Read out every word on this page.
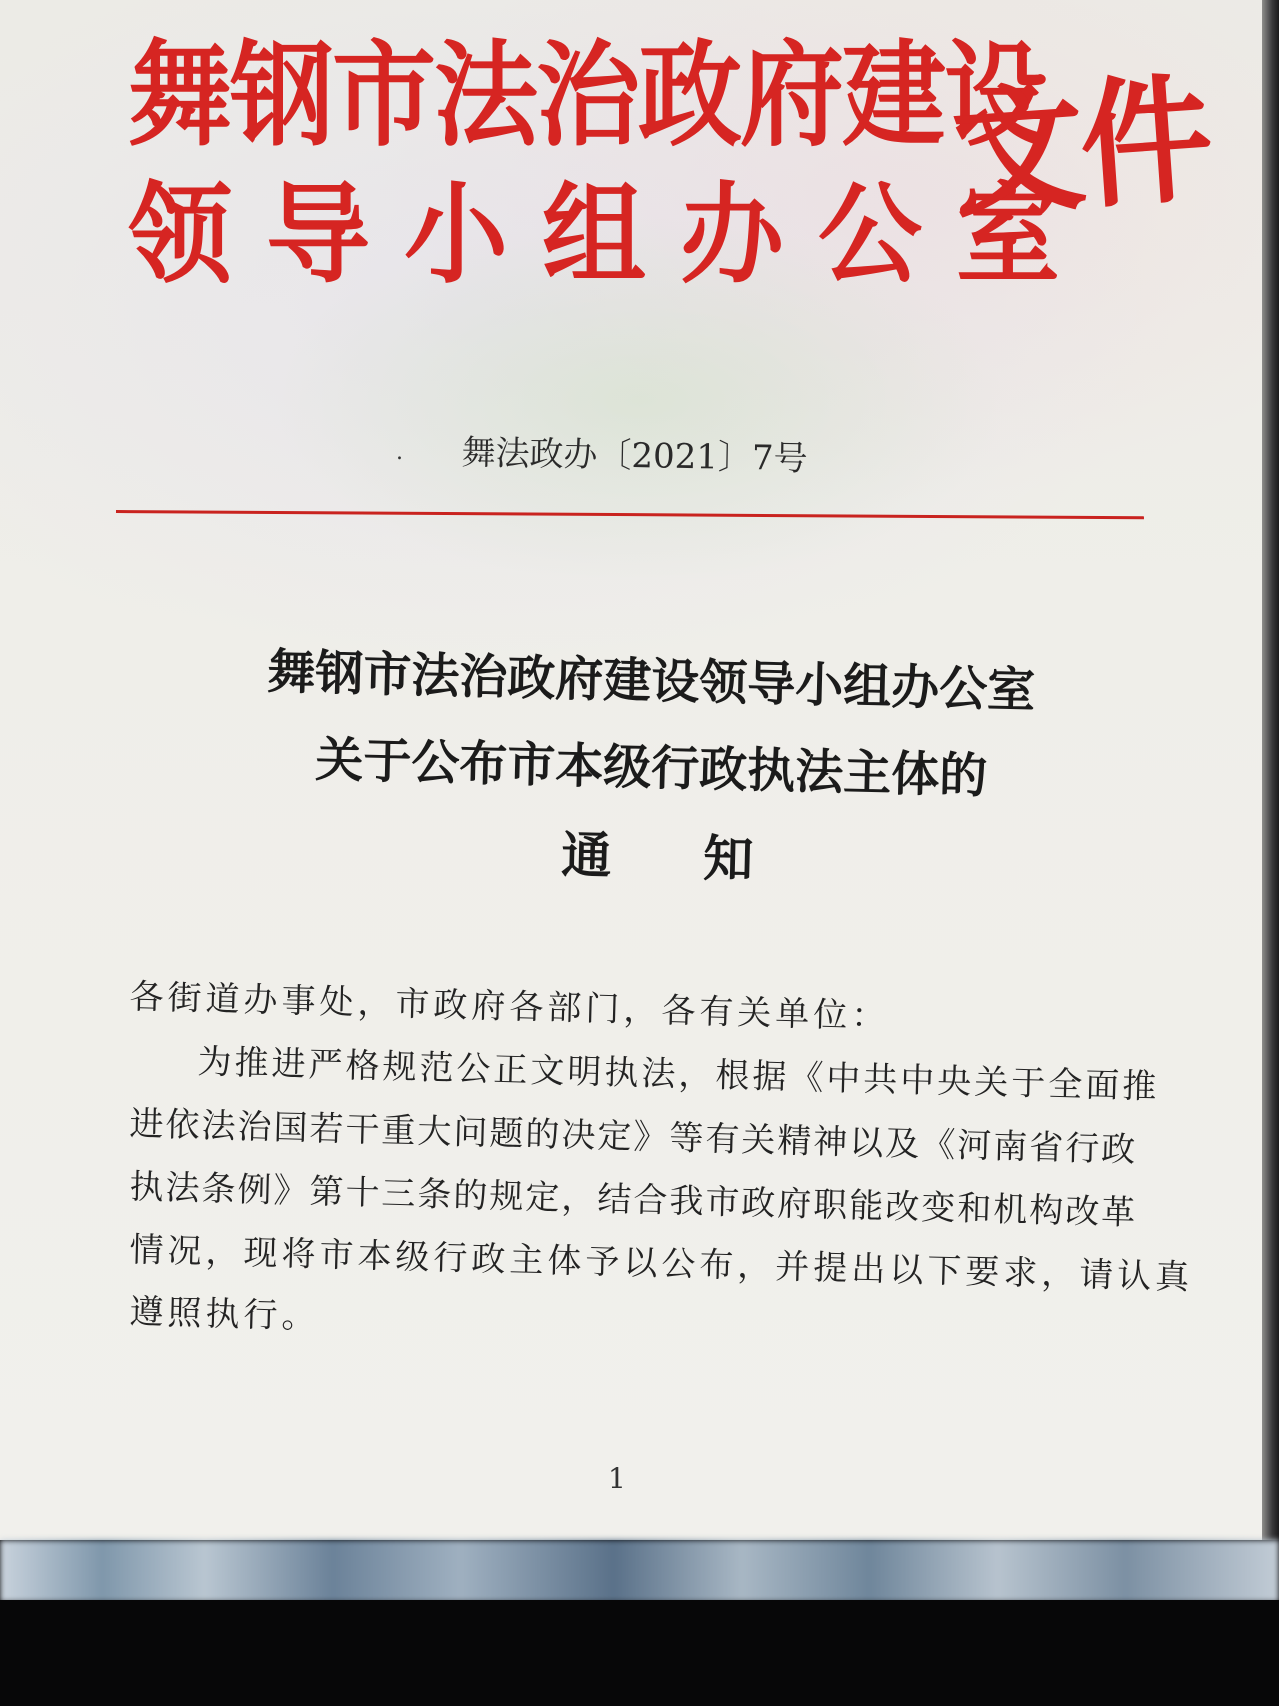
舞钢市法治政府建设
领导小组办公室
文件
. 舞法政办〔2021〕7号
舞钢市法治政府建设领导小组办公室
关于公布市本级行政执法主体的
通知
各街道办事处，市政府各部门，各有关单位：
为推进严格规范公正文明执法，根据《中共中央关于全面推
进依法治国若干重大问题的决定》等有关精神以及《河南省行政
执法条例》第十三条的规定，结合我市政府职能改变和机构改革
情况，现将市本级行政主体予以公布，并提出以下要求，请认真
遵照执行。
1
